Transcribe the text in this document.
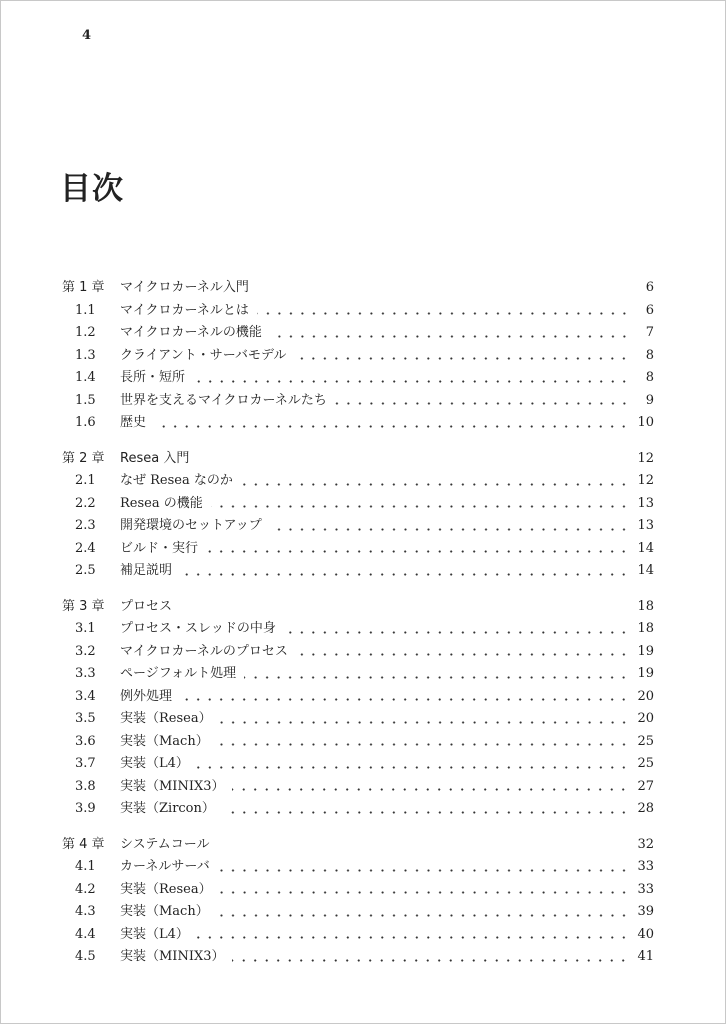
4
目次
第 1 章	マイクロカーネル入門	6
1.1	マイクロカーネルとは	6
1.2	マイクロカーネルの機能	7
1.3	クライアント・サーバモデル	8
1.4	長所・短所	8
1.5	世界を支えるマイクロカーネルたち	9
1.6	歴史	10
第 2 章	Resea 入門	12
2.1	なぜ Resea なのか	12
2.2	Resea の機能	13
2.3	開発環境のセットアップ	13
2.4	ビルド・実行	14
2.5	補足説明	14
第 3 章	プロセス	18
3.1	プロセス・スレッドの中身	18
3.2	マイクロカーネルのプロセス	19
3.3	ページフォルト処理	19
3.4	例外処理	20
3.5	実装（Resea）	20
3.6	実装（Mach）	25
3.7	実装（L4）	25
3.8	実装（MINIX3）	27
3.9	実装（Zircon）	28
第 4 章	システムコール	32
4.1	カーネルサーバ	33
4.2	実装（Resea）	33
4.3	実装（Mach）	39
4.4	実装（L4）	40
4.5	実装（MINIX3）	41
